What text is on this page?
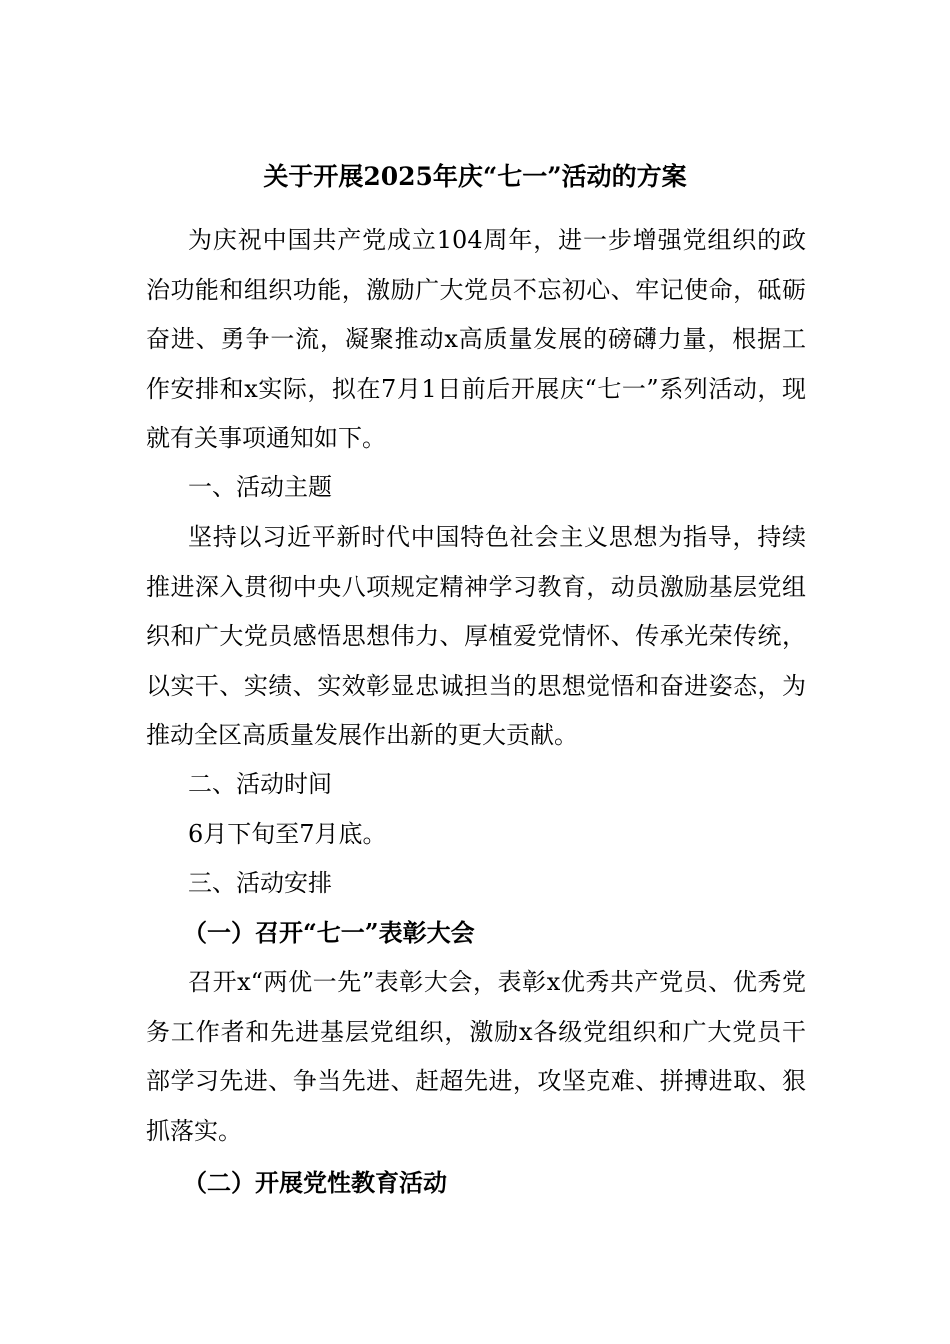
关于开展2025年庆“七一”活动的方案

为庆祝中国共产党成立104周年，进一步增强党组织的政治功能和组织功能，激励广大党员不忘初心、牢记使命，砥砺奋进、勇争一流，凝聚推动x高质量发展的磅礴力量，根据工作安排和x实际，拟在7月1日前后开展庆“七一”系列活动，现就有关事项通知如下。

一、活动主题

坚持以习近平新时代中国特色社会主义思想为指导，持续推进深入贯彻中央八项规定精神学习教育，动员激励基层党组织和广大党员感悟思想伟力、厚植爱党情怀、传承光荣传统，以实干、实绩、实效彰显忠诚担当的思想觉悟和奋进姿态，为推动全区高质量发展作出新的更大贡献。

二、活动时间

6月下旬至7月底。

三、活动安排

（一）召开“七一”表彰大会

召开x“两优一先”表彰大会，表彰x优秀共产党员、优秀党务工作者和先进基层党组织，激励x各级党组织和广大党员干部学习先进、争当先进、赶超先进，攻坚克难、拼搏进取、狠抓落实。

（二）开展党性教育活动
